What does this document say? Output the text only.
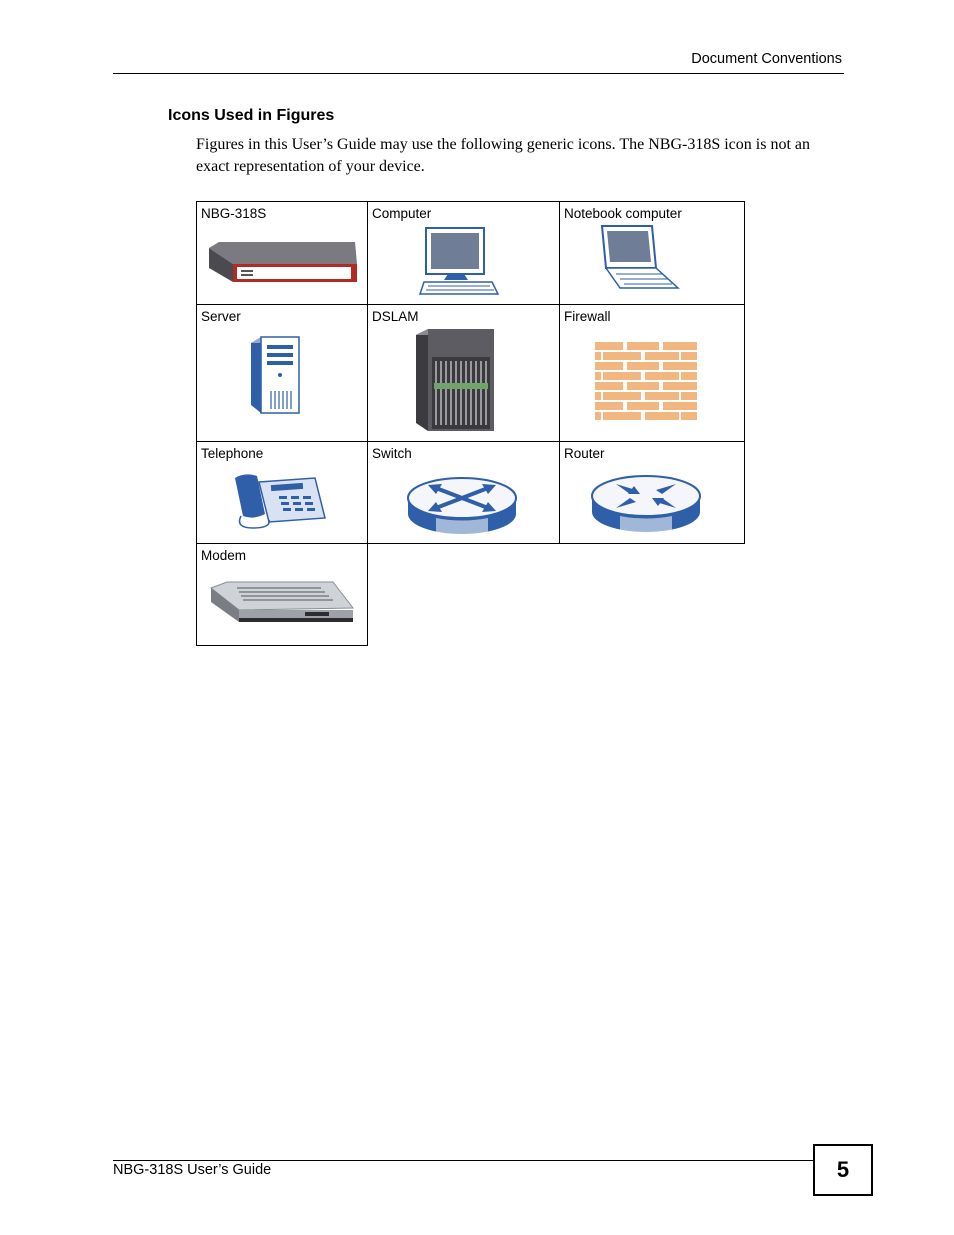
Document Conventions
Icons Used in Figures
Figures in this User’s Guide may use the following generic icons. The NBG-318S icon is not an exact representation of your device.
NBG-318S	Computer	Notebook computer

Server	DSLAM	Firewall

Telephone	Switch	Router

Modem		

NBG-318S User’s Guide	5
